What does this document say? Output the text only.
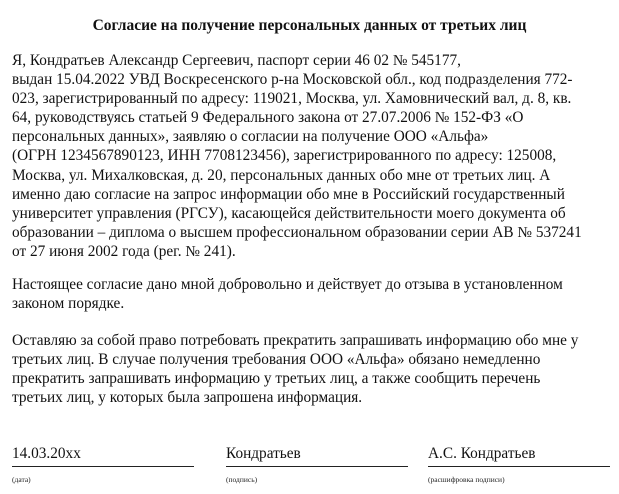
Согласие на получение персональных данных от третьих лиц

Я, Кондратьев Александр Сергеевич, паспорт серии 46 02 № 545177,
выдан 15.04.2022 УВД Воскресенского р-на Московской обл., код подразделения 772-
023, зарегистрированный по адресу: 119021, Москва, ул. Хамовнический вал, д. 8, кв.
64, руководствуясь статьей 9 Федерального закона от 27.07.2006 № 152-ФЗ «О
персональных данных», заявляю о согласии на получение ООО «Альфа»
(ОГРН 1234567890123, ИНН 7708123456), зарегистрированного по адресу: 125008,
Москва, ул. Михалковская, д. 20, персональных данных обо мне от третьих лиц. А
именно даю согласие на запрос информации обо мне в Российский государственный
университет управления (РГСУ), касающейся действительности моего документа об
образовании – диплома о высшем профессиональном образовании серии АВ № 537241
от 27 июня 2002 года (рег. № 241).

Настоящее согласие дано мной добровольно и действует до отзыва в установленном
законом порядке.

Оставляю за собой право потребовать прекратить запрашивать информацию обо мне у
третьих лиц. В случае получения требования ООО «Альфа» обязано немедленно
прекратить запрашивать информацию у третьих лиц, а также сообщить перечень
третьих лиц, у которых была запрошена информация.

14.03.20xx	Кондратьев	А.С. Кондратьев
(дата)	(подпись)	(расшифровка подписи)
